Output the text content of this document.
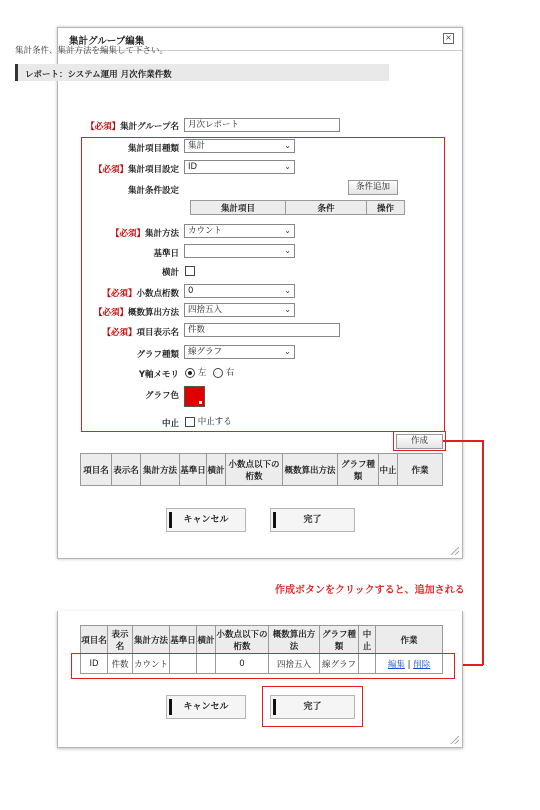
集計グループ編集	×
集計条件、集計方法を編集して下さい。
レポート：システム運用 月次作業件数
【必須】集計グループ名	月次レポート
集計項目種類	集計	⌄
【必須】集計項目設定	ID	⌄
集計条件設定	条件追加
集計項目	条件	操作
【必須】集計方法	カウント	⌄
基準日	⌄
横計
【必須】小数点桁数	0	⌄
【必須】概数算出方法	四捨五入	⌄
【必須】項目表示名	件数
グラフ種類	線グラフ	⌄
Y軸メモリ	左 右
グラフ色
中止	中止する
作成
項目名	表示名	集計方法	基準日	横計	小数点以下の桁数	概数算出方法	グラフ種類	中止	作業
キャンセル	完了
作成ボタンをクリックすると、追加される
項目名	表示名	集計方法	基準日	横計	小数点以下の桁数	概数算出方法	グラフ種類	中止	作業
ID	件数	カウント			0	四捨五入	線グラフ		編集 | 削除
キャンセル	完了
